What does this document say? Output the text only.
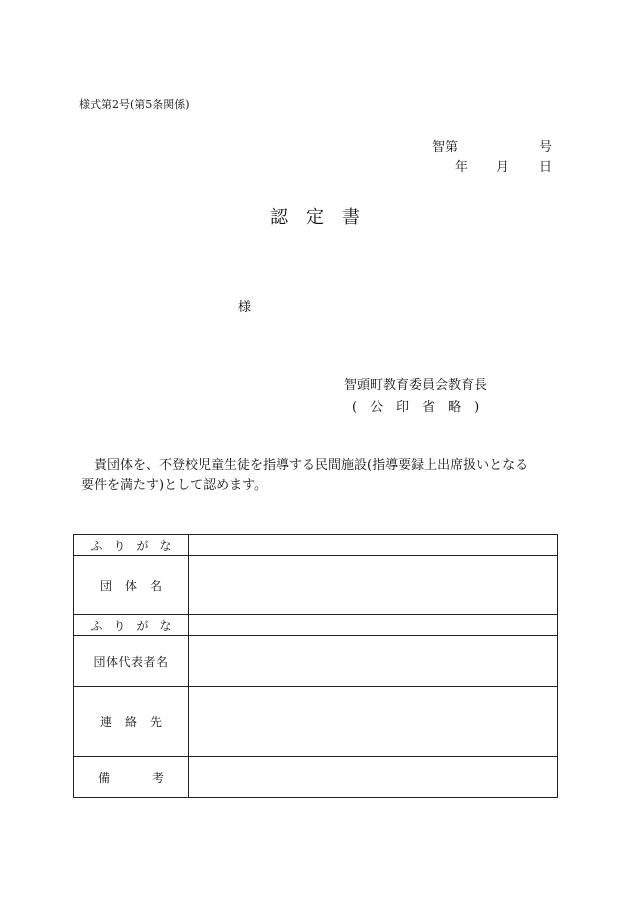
様式第2号(第5条関係)
智第	号
年 月 日
認定書
様
智頭町教育委員会教育長
(公印省略)

貴団体を、不登校児童生徒を指導する民間施設(指導要録上出席扱いとなる

要件を満たす)として認めます。

ふりがな	
団体名	
ふりがな	
団体代表者名	
連絡先	
備 考	
